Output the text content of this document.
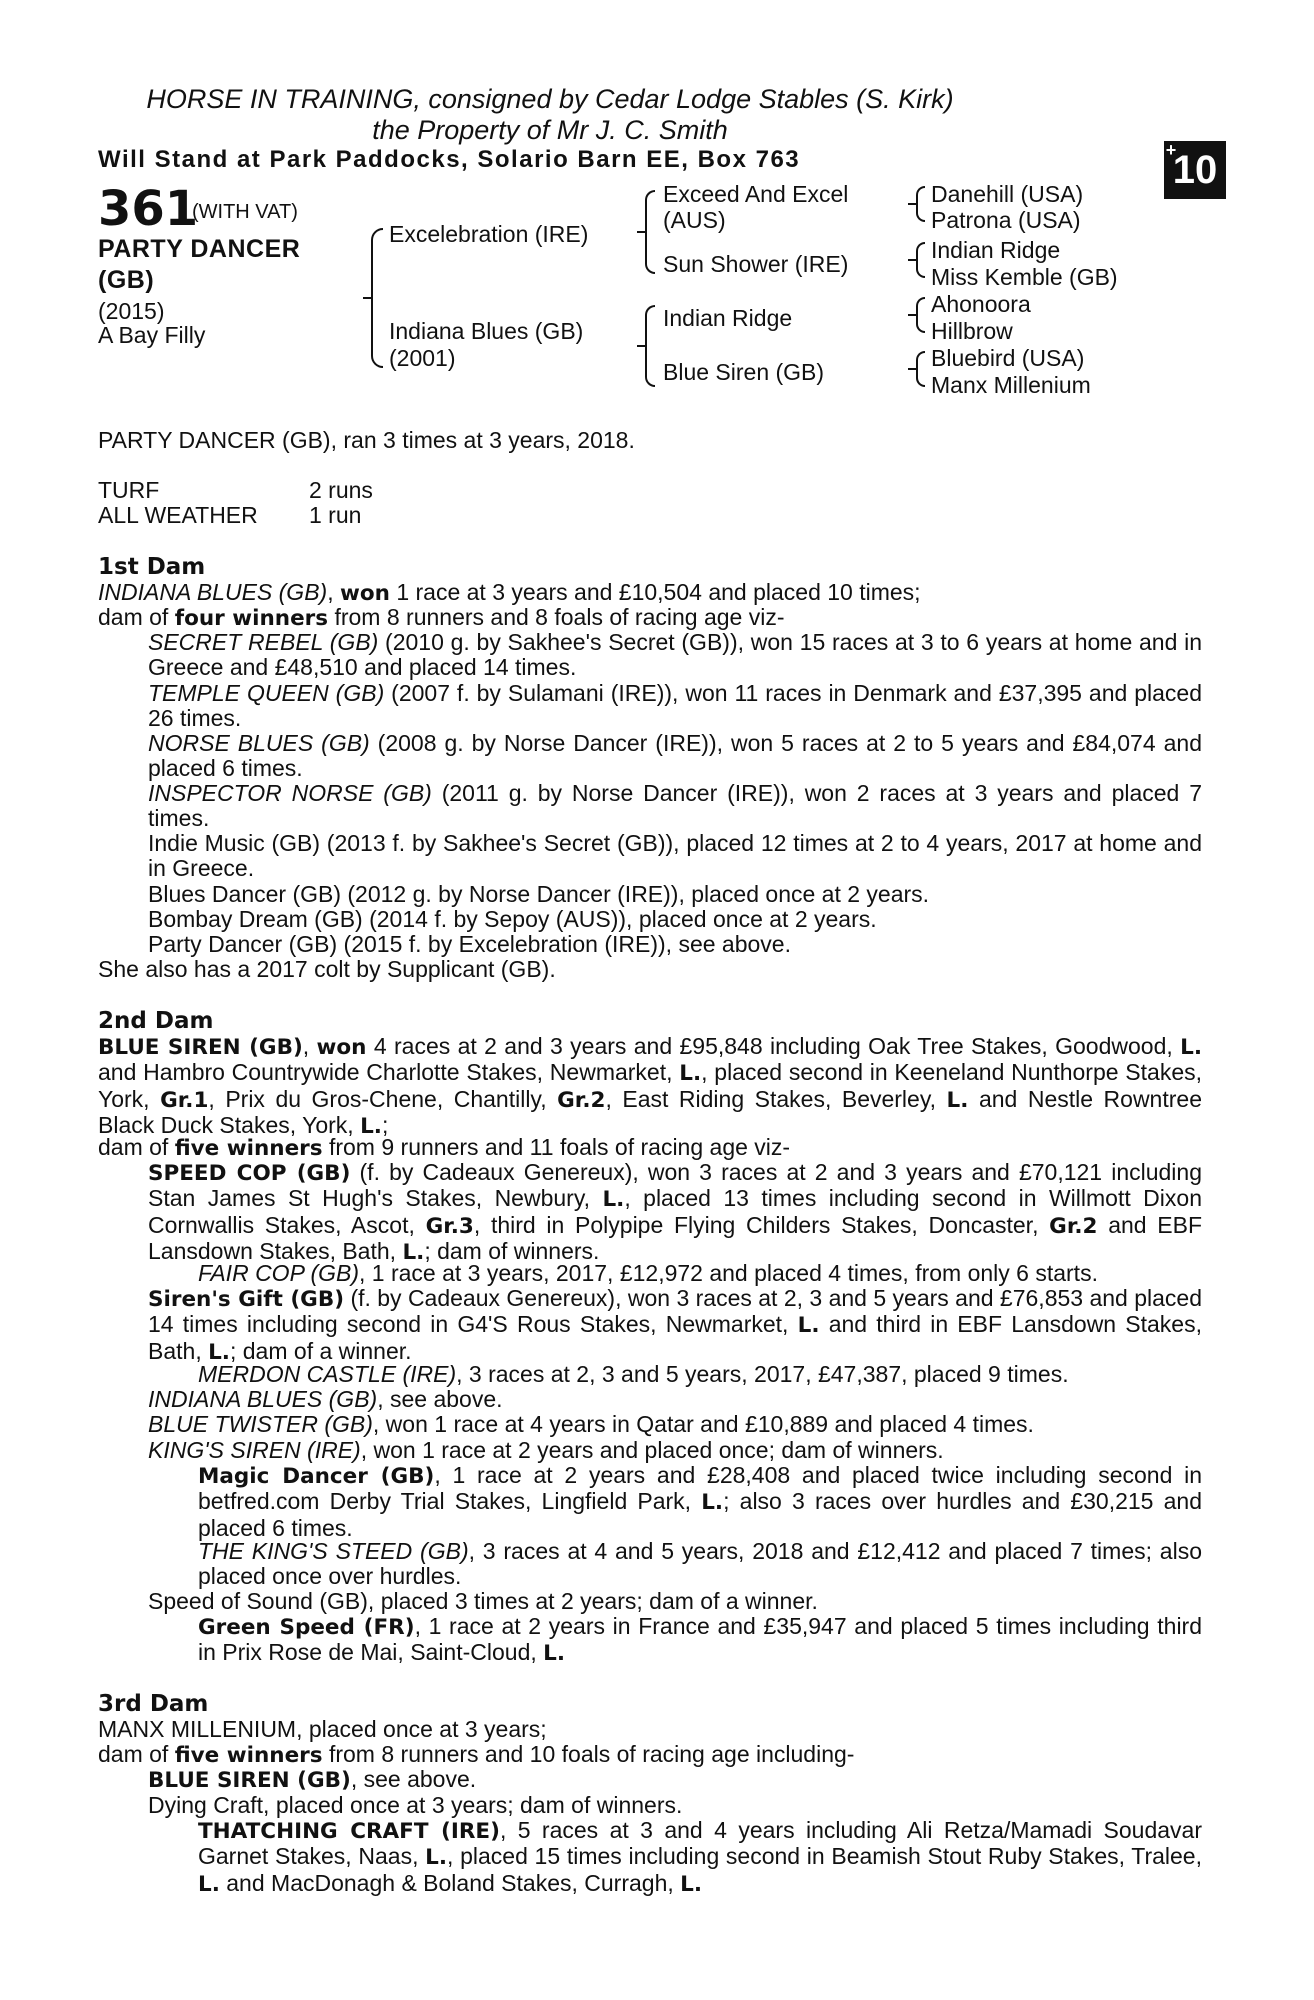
HORSE IN TRAINING, consigned by Cedar Lodge Stables (S. Kirk)
the Property of Mr J. C. Smith
Will Stand at Park Paddocks, Solario Barn EE, Box 763	10
+
361
(WITH VAT)
PARTY DANCER
(GB)
(2015)
A Bay Filly
Excelebration (IRE)
Indiana Blues (GB)
(2001)
Exceed And Excel
(AUS)
Sun Shower (IRE)
Indian Ridge
Blue Siren (GB)
Danehill (USA)
Patrona (USA)
Indian Ridge
Miss Kemble (GB)
Ahonoora
Hillbrow
Bluebird (USA)
Manx Millenium
PARTY DANCER (GB), ran 3 times at 3 years, 2018.
TURF	2 runs
ALL WEATHER 1 run
1st Dam
INDIANA BLUES (GB), won 1 race at 3 years and £10,504 and placed 10 times;
dam of four winners from 8 runners and 8 foals of racing age viz-
SECRET REBEL (GB) (2010 g. by Sakhee's Secret (GB)), won 15 races at 3 to 6 years at home and in Greece and £48,510 and placed 14 times.
TEMPLE QUEEN (GB) (2007 f. by Sulamani (IRE)), won 11 races in Denmark and £37,395 and placed 26 times.
NORSE BLUES (GB) (2008 g. by Norse Dancer (IRE)), won 5 races at 2 to 5 years and £84,074 and placed 6 times.
INSPECTOR NORSE (GB) (2011 g. by Norse Dancer (IRE)), won 2 races at 3 years and placed 7 times.
Indie Music (GB) (2013 f. by Sakhee's Secret (GB)), placed 12 times at 2 to 4 years, 2017 at home and in Greece.
Blues Dancer (GB) (2012 g. by Norse Dancer (IRE)), placed once at 2 years.
Bombay Dream (GB) (2014 f. by Sepoy (AUS)), placed once at 2 years.
Party Dancer (GB) (2015 f. by Excelebration (IRE)), see above.
She also has a 2017 colt by Supplicant (GB).
2nd Dam
BLUE SIREN (GB), won 4 races at 2 and 3 years and £95,848 including Oak Tree Stakes, Goodwood, L. and Hambro Countrywide Charlotte Stakes, Newmarket, L., placed second in Keeneland Nunthorpe Stakes, York, Gr.1, Prix du Gros-Chene, Chantilly, Gr.2, East Riding Stakes, Beverley, L. and Nestle Rowntree Black Duck Stakes, York, L.;
dam of five winners from 9 runners and 11 foals of racing age viz-
SPEED COP (GB) (f. by Cadeaux Genereux), won 3 races at 2 and 3 years and £70,121 including Stan James St Hugh's Stakes, Newbury, L., placed 13 times including second in Willmott Dixon Cornwallis Stakes, Ascot, Gr.3, third in Polypipe Flying Childers Stakes, Doncaster, Gr.2 and EBF Lansdown Stakes, Bath, L.; dam of winners.
FAIR COP (GB), 1 race at 3 years, 2017, £12,972 and placed 4 times, from only 6 starts.
Siren's Gift (GB) (f. by Cadeaux Genereux), won 3 races at 2, 3 and 5 years and £76,853 and placed 14 times including second in G4'S Rous Stakes, Newmarket, L. and third in EBF Lansdown Stakes, Bath, L.; dam of a winner.
MERDON CASTLE (IRE), 3 races at 2, 3 and 5 years, 2017, £47,387, placed 9 times.
INDIANA BLUES (GB), see above.
BLUE TWISTER (GB), won 1 race at 4 years in Qatar and £10,889 and placed 4 times.
KING'S SIREN (IRE), won 1 race at 2 years and placed once; dam of winners.
Magic Dancer (GB), 1 race at 2 years and £28,408 and placed twice including second in betfred.com Derby Trial Stakes, Lingfield Park, L.; also 3 races over hurdles and £30,215 and placed 6 times.
THE KING'S STEED (GB), 3 races at 4 and 5 years, 2018 and £12,412 and placed 7 times; also placed once over hurdles.
Speed of Sound (GB), placed 3 times at 2 years; dam of a winner.
Green Speed (FR), 1 race at 2 years in France and £35,947 and placed 5 times including third in Prix Rose de Mai, Saint-Cloud, L.
3rd Dam
MANX MILLENIUM, placed once at 3 years;
dam of five winners from 8 runners and 10 foals of racing age including-
BLUE SIREN (GB), see above.
Dying Craft, placed once at 3 years; dam of winners.
THATCHING CRAFT (IRE), 5 races at 3 and 4 years including Ali Retza/Mamadi Soudavar Garnet Stakes, Naas, L., placed 15 times including second in Beamish Stout Ruby Stakes, Tralee, L. and MacDonagh & Boland Stakes, Curragh, L.
